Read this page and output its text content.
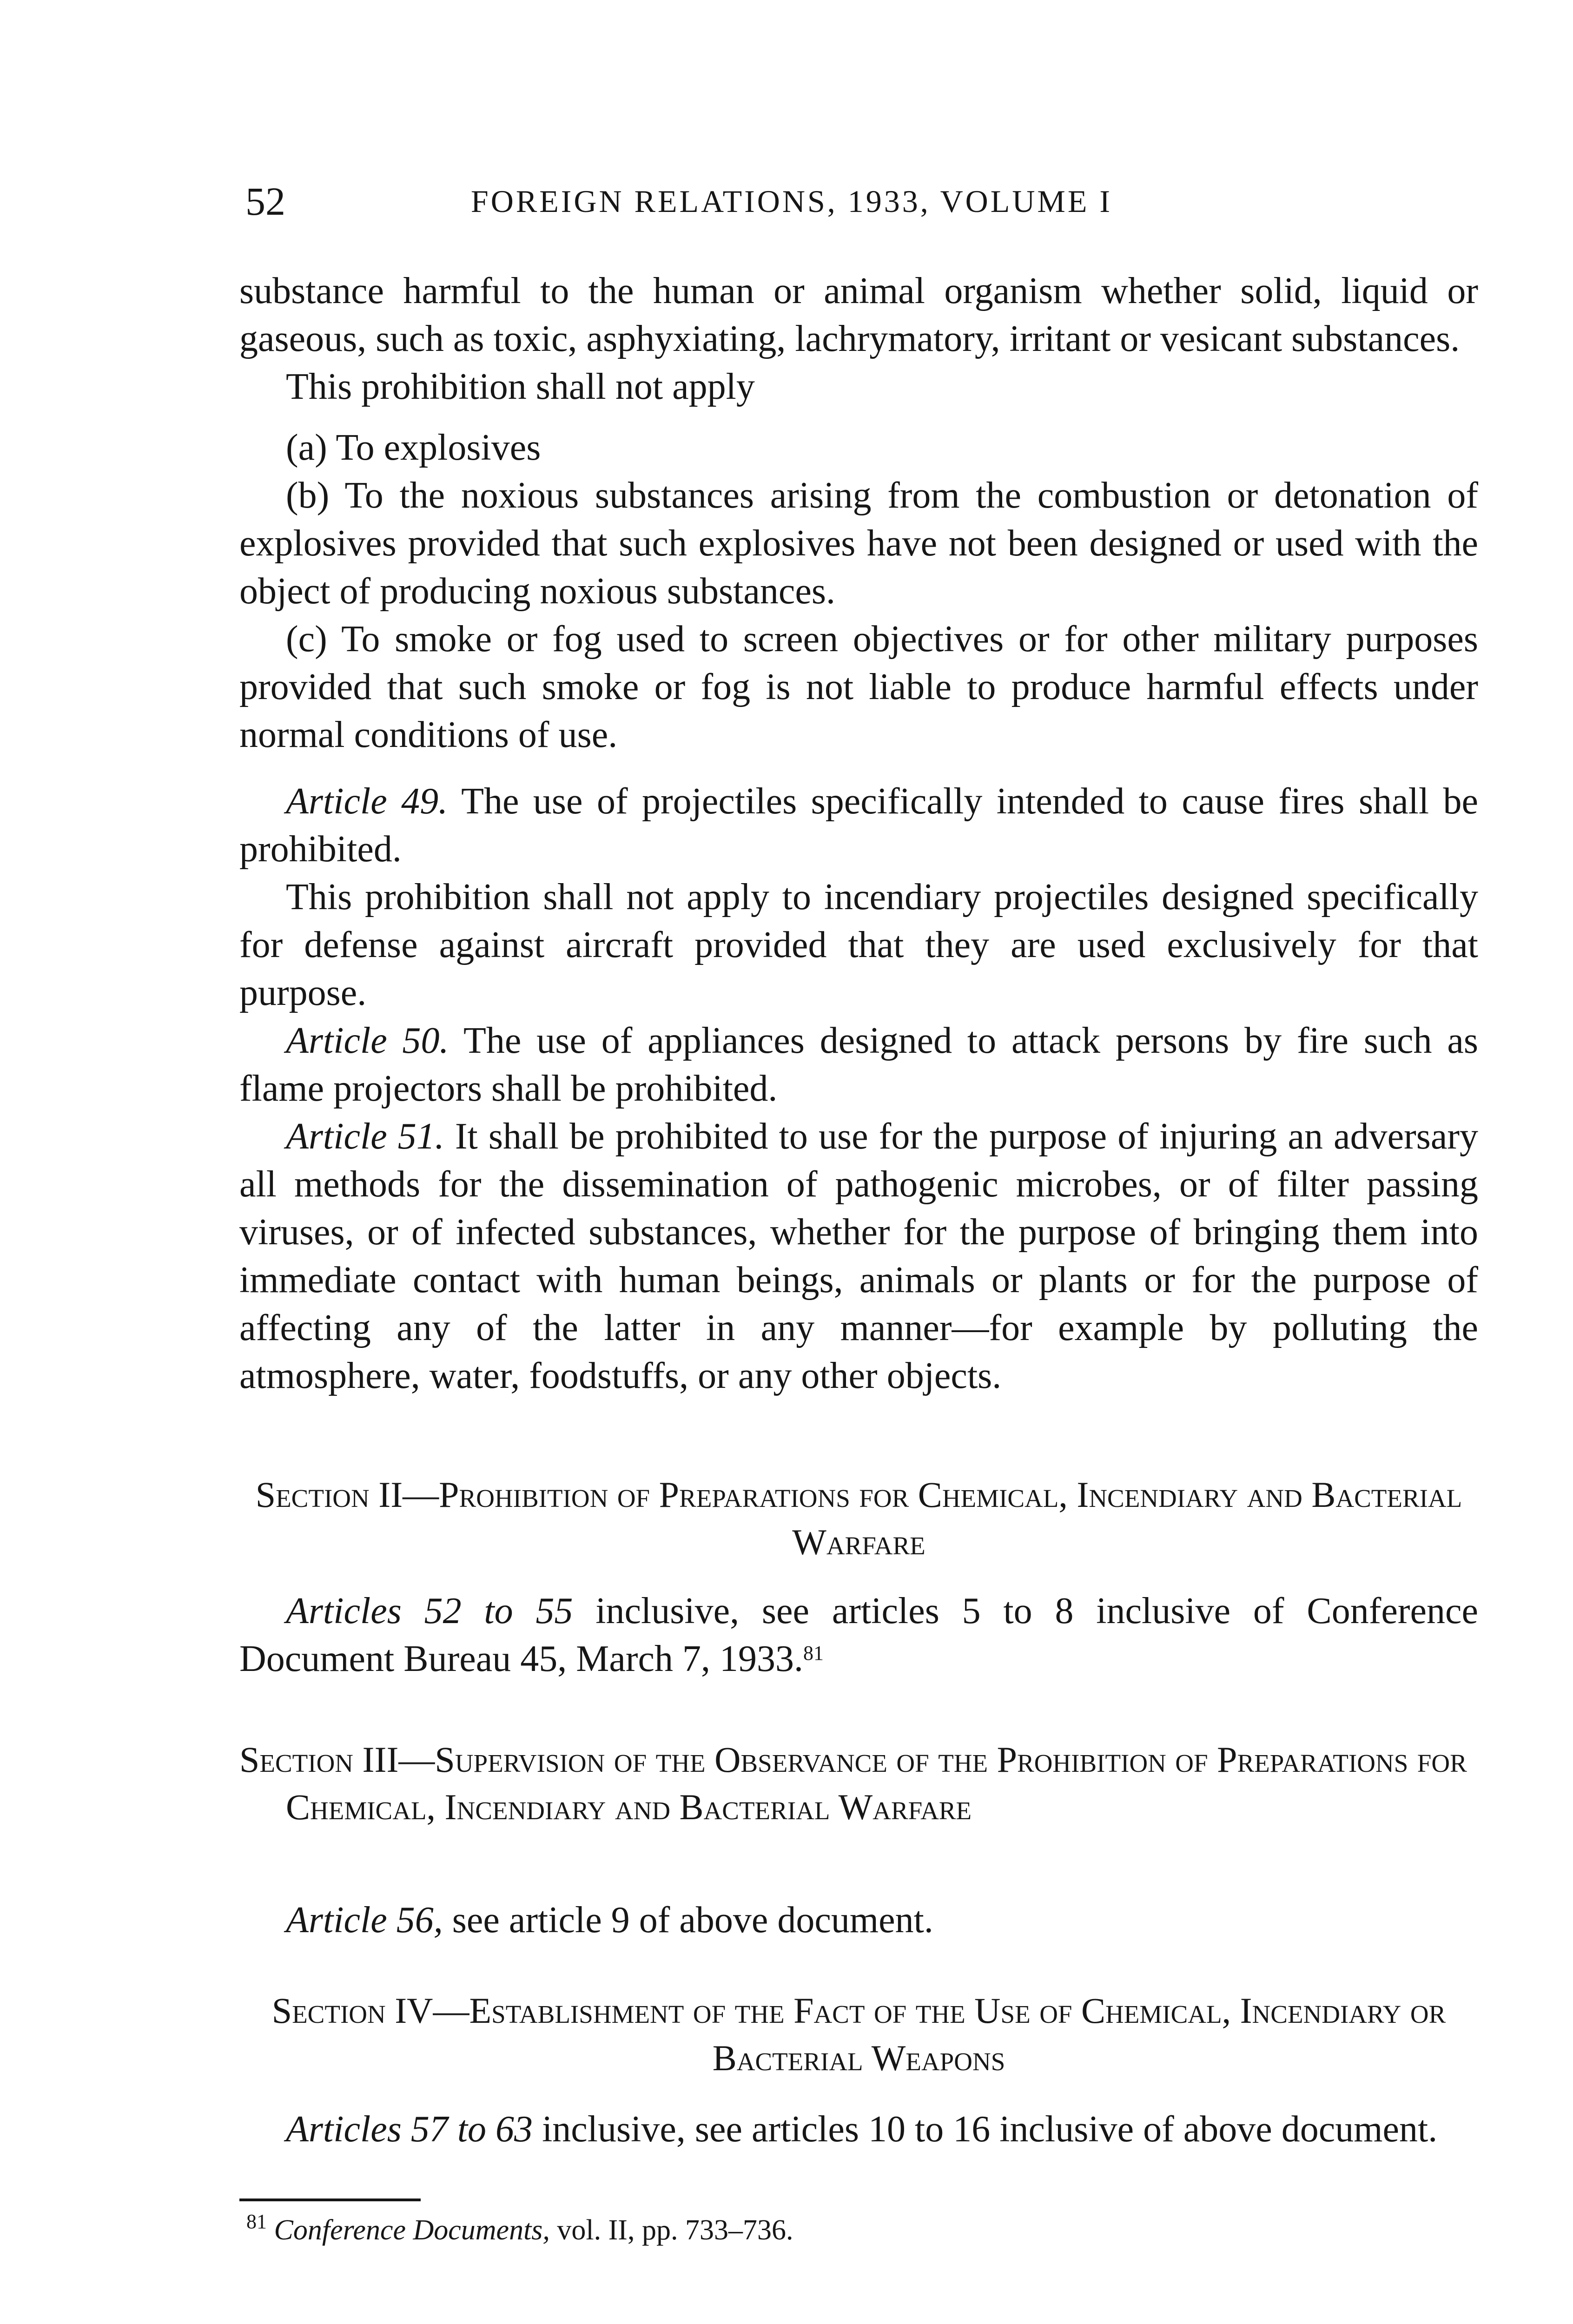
52	FOREIGN RELATIONS, 1933, VOLUME I

substance harmful to the human or animal organism whether solid, liquid or gaseous, such as toxic, asphyxiating, lachrymatory, irritant or vesicant substances.

This prohibition shall not apply

(a) To explosives

(b) To the noxious substances arising from the combustion or detonation of explosives provided that such explosives have not been designed or used with the object of producing noxious substances.

(c) To smoke or fog used to screen objectives or for other military purposes provided that such smoke or fog is not liable to produce harmful effects under normal conditions of use.

Article 49. The use of projectiles specifically intended to cause fires shall be prohibited.

This prohibition shall not apply to incendiary projectiles designed specifically for defense against aircraft provided that they are used exclusively for that purpose.

Article 50. The use of appliances designed to attack persons by fire such as flame projectors shall be prohibited.

Article 51. It shall be prohibited to use for the purpose of injuring an adversary all methods for the dissemination of pathogenic microbes, or of filter passing viruses, or of infected substances, whether for the purpose of bringing them into immediate contact with human beings, animals or plants or for the purpose of affecting any of the latter in any manner—for example by polluting the atmosphere, water, foodstuffs, or any other objects.

Section II—Prohibition of Preparations for Chemical, Incendiary and Bacterial Warfare

Articles 52 to 55 inclusive, see articles 5 to 8 inclusive of Conference Document Bureau 45, March 7, 1933.81

Section III—Supervision of the Observance of the Prohibition of Preparations for Chemical, Incendiary and Bacterial Warfare

Article 56, see article 9 of above document.

Section IV—Establishment of the Fact of the Use of Chemical, Incendiary or Bacterial Weapons

Articles 57 to 63 inclusive, see articles 10 to 16 inclusive of above document.

$^{81}$ Conference Documents, vol. II, pp. 733–736.
